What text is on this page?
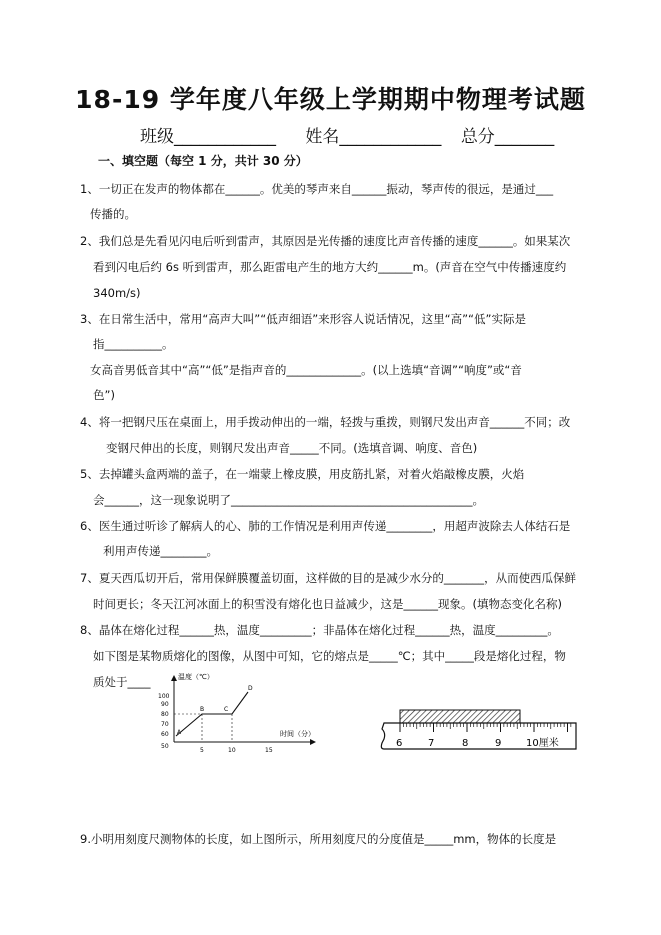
18-19 学年度八年级上学期期中物理考试题
班级____________ 姓名____________ 总分_______
一、填空题（每空 1 分，共计 30 分）
1、一切正在发声的物体都在______。优美的琴声来自______振动，琴声传的很远，是通过___
传播的。
2、我们总是先看见闪电后听到雷声，其原因是光传播的速度比声音传播的速度______。如果某次
看到闪电后约 6s 听到雷声，那么距雷电产生的地方大约______m。(声音在空气中传播速度约
340m/s)
3、在日常生活中，常用“高声大叫”“低声细语”来形容人说话情况，这里“高”“低”实际是
指__________。
女高音男低音其中“高”“低”是指声音的_____________。(以上选填“音调”“响度”或“音
色”)
4、将一把钢尺压在桌面上，用手拨动伸出的一端，轻拨与重拨，则钢尺发出声音______不同；改
变钢尺伸出的长度，则钢尺发出声音_____不同。(选填音调、响度、音色)
5、去掉罐头盒两端的盖子，在一端蒙上橡皮膜，用皮筋扎紧，对着火焰敲橡皮膜，火焰
会______，这一现象说明了__________________________________________。
6、医生通过听诊了解病人的心、肺的工作情况是利用声传递________，用超声波除去人体结石是
利用声传递________。
7、夏天西瓜切开后，常用保鲜膜覆盖切面，这样做的目的是减少水分的_______，从而使西瓜保鲜
时间更长；冬天江河冰面上的积雪没有熔化也日益减少，这是______现象。(填物态变化名称)
8、晶体在熔化过程______热，温度_________；非晶体在熔化过程______热，温度_________。
如下图是某物质熔化的图像，从图中可知，它的熔点是_____℃；其中_____段是熔化过程，物
质处于____	温度（℃）
时间（分）
100
90
80
70
60
50
5	10	15
A
B	C
D
6	7	8	9 10厘米
9.小明用刻度尺测物体的长度，如上图所示，所用刻度尺的分度值是_____mm，物体的长度是
